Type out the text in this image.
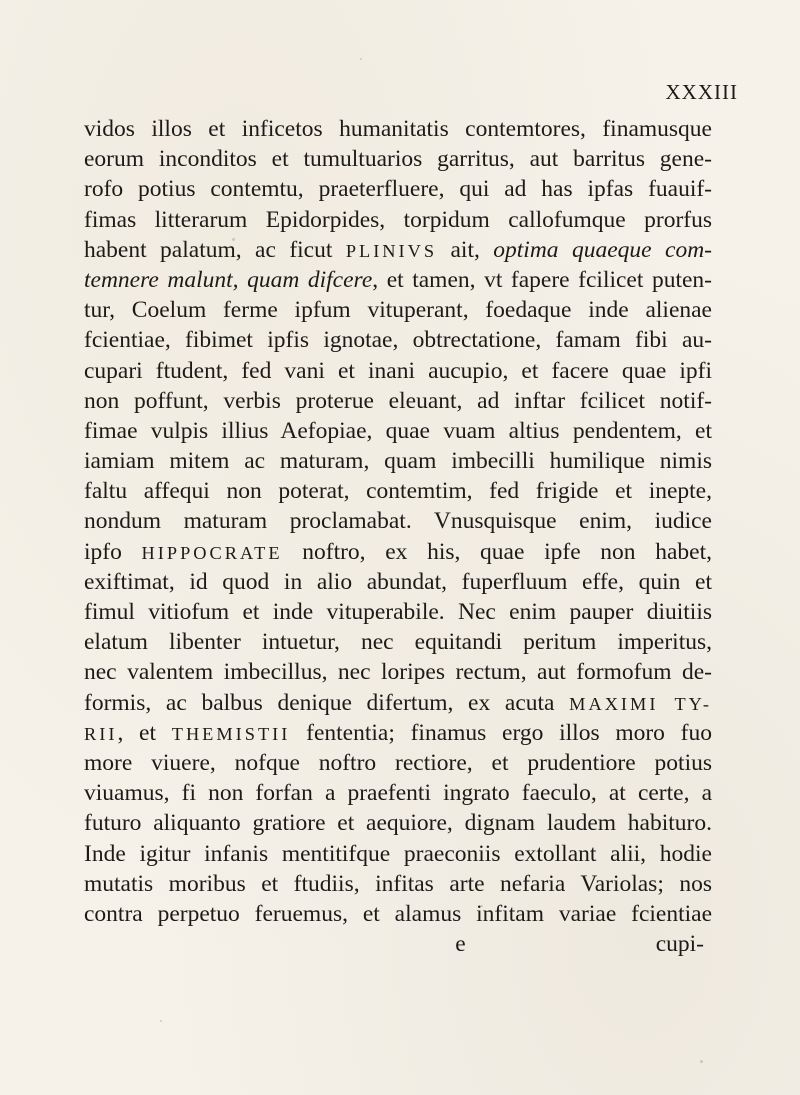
XXXIII
vidos illos et inficetos humanitatis contemtores, finamusque
eorum inconditos et tumultuarios garritus, aut barritus gene-
rofo potius contemtu, praeterfluere, qui ad has ipfas fuauif-
fimas litterarum Epidorpides, torpidum callofumque prorfus
habent palatum, ac ficut PLINIVS ait, optima quaeque com-
temnere malunt, quam difcere, et tamen, vt fapere fcilicet puten-
tur, Coelum ferme ipfum vituperant, foedaque inde alienae
fcientiae, fibimet ipfis ignotae, obtrectatione, famam fibi au-
cupari ftudent, fed vani et inani aucupio, et facere quae ipfi
non poffunt, verbis proterue eleuant, ad inftar fcilicet notif-
fimae vulpis illius Aefopiae, quae vuam altius pendentem, et
iamiam mitem ac maturam, quam imbecilli humilique nimis
faltu affequi non poterat, contemtim, fed frigide et inepte,
nondum maturam proclamabat. Vnusquisque enim, iudice
ipfo HIPPOCRATE noftro, ex his, quae ipfe non habet,
exiftimat, id quod in alio abundat, fuperfluum effe, quin et
fimul vitiofum et inde vituperabile. Nec enim pauper diuitiis
elatum libenter intuetur, nec equitandi peritum imperitus,
nec valentem imbecillus, nec loripes rectum, aut formofum de-
formis, ac balbus denique difertum, ex acuta MAXIMI TY-
RII, et THEMISTII fententia; finamus ergo illos moro fuo
more viuere, nofque noftro rectiore, et prudentiore potius
viuamus, fi non forfan a praefenti ingrato faeculo, at certe, a
futuro aliquanto gratiore et aequiore, dignam laudem habituro.
Inde igitur infanis mentitifque praeconiis extollant alii, hodie
mutatis moribus et ftudiis, infitas arte nefaria Variolas; nos
contra perpetuo feruemus, et alamus infitam variae fcientiae
e	cupi-
